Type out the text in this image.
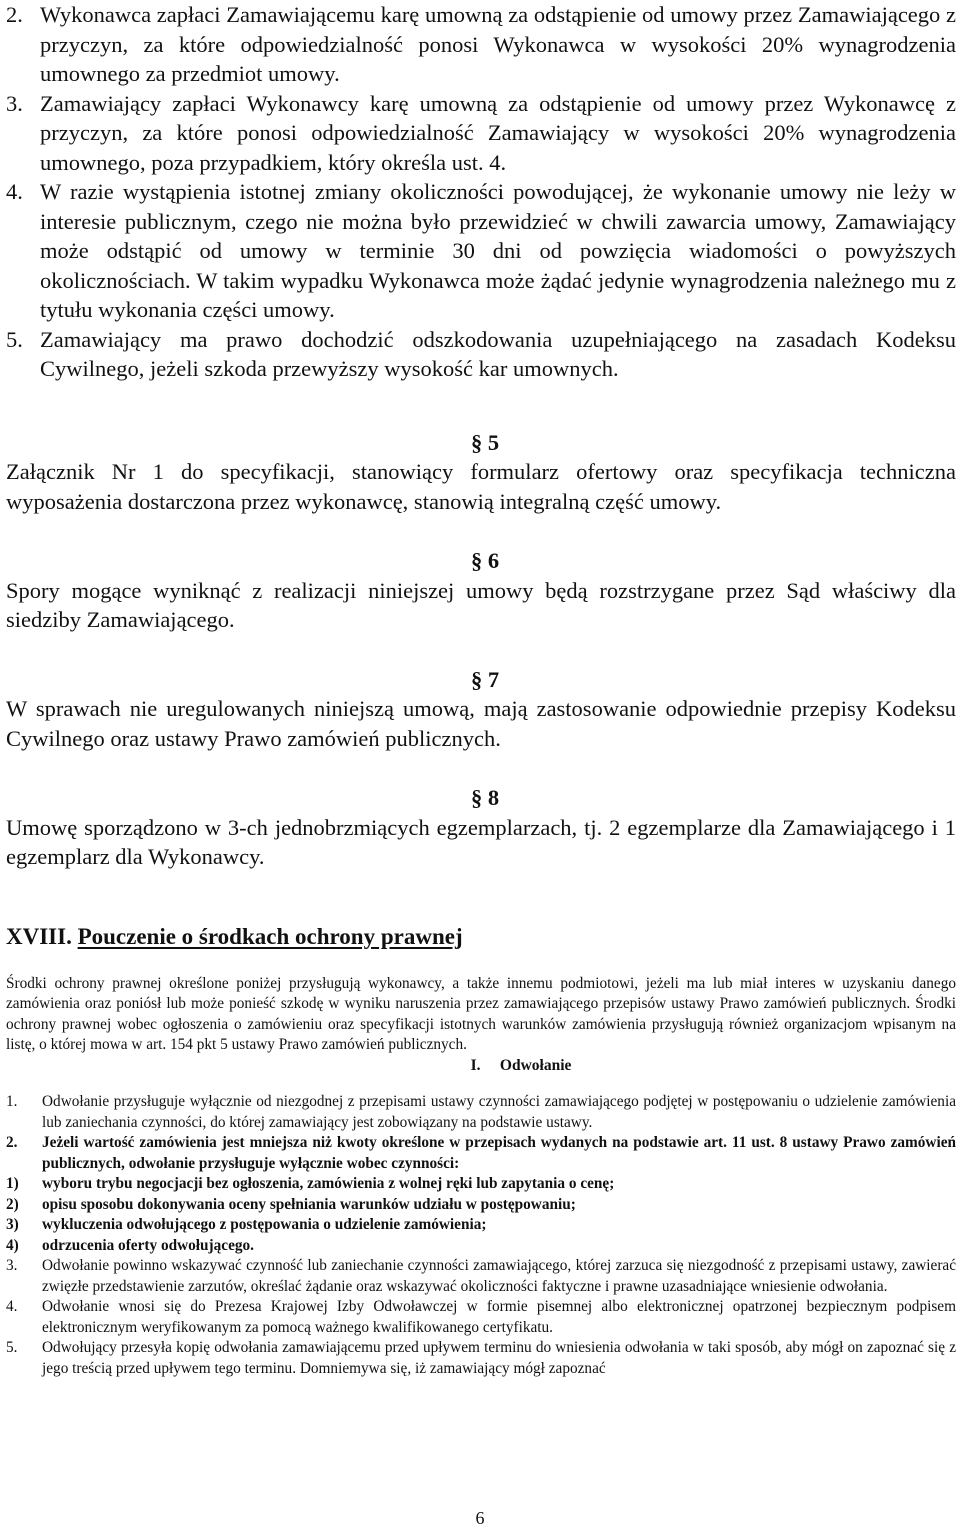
2. Wykonawca zapłaci Zamawiającemu karę umowną za odstąpienie od umowy przez Zamawiającego z przyczyn, za które odpowiedzialność ponosi Wykonawca w wysokości 20% wynagrodzenia umownego za przedmiot umowy.
3. Zamawiający zapłaci Wykonawcy karę umowną za odstąpienie od umowy przez Wykonawcę z przyczyn, za które ponosi odpowiedzialność Zamawiający w wysokości 20% wynagrodzenia umownego, poza przypadkiem, który określa ust. 4.
4. W razie wystąpienia istotnej zmiany okoliczności powodującej, że wykonanie umowy nie leży w interesie publicznym, czego nie można było przewidzieć w chwili zawarcia umowy, Zamawiający może odstąpić od umowy w terminie 30 dni od powzięcia wiadomości o powyższych okolicznościach. W takim wypadku Wykonawca może żądać jedynie wynagrodzenia należnego mu z tytułu wykonania części umowy.
5. Zamawiający ma prawo dochodzić odszkodowania uzupełniającego na zasadach Kodeksu Cywilnego, jeżeli szkoda przewyższy wysokość kar umownych.

§ 5

Załącznik Nr 1 do specyfikacji, stanowiący formularz ofertowy oraz specyfikacja techniczna wyposażenia dostarczona przez wykonawcę, stanowią integralną część umowy.

§ 6

Spory mogące wyniknąć z realizacji niniejszej umowy będą rozstrzygane przez Sąd właściwy dla siedziby Zamawiającego.

§ 7

W sprawach nie uregulowanych niniejszą umową, mają zastosowanie odpowiednie przepisy Kodeksu Cywilnego oraz ustawy Prawo zamówień publicznych.

§ 8

Umowę sporządzono w 3-ch jednobrzmiących egzemplarzach, tj. 2 egzemplarze dla Zamawiającego i 1 egzemplarz dla Wykonawcy.

XVIII. Pouczenie o środkach ochrony prawnej

Środki ochrony prawnej określone poniżej przysługują wykonawcy, a także innemu podmiotowi, jeżeli ma lub miał interes w uzyskaniu danego zamówienia oraz poniósł lub może ponieść szkodę w wyniku naruszenia przez zamawiającego przepisów ustawy Prawo zamówień publicznych. Środki ochrony prawnej wobec ogłoszenia o zamówieniu oraz specyfikacji istotnych warunków zamówienia przysługują również organizacjom wpisanym na listę, o której mowa w art. 154 pkt 5 ustawy Prawo zamówień publicznych.

I. Odwołanie

1.	Odwołanie przysługuje wyłącznie od niezgodnej z przepisami ustawy czynności zamawiającego podjętej w postępowaniu o udzielenie zamówienia lub zaniechania czynności, do której zamawiający jest zobowiązany na podstawie ustawy.
2.	Jeżeli wartość zamówienia jest mniejsza niż kwoty określone w przepisach wydanych na podstawie art. 11 ust. 8 ustawy Prawo zamówień publicznych, odwołanie przysługuje wyłącznie wobec czynności:
1)	wyboru trybu negocjacji bez ogłoszenia, zamówienia z wolnej ręki lub zapytania o cenę;
2)	opisu sposobu dokonywania oceny spełniania warunków udziału w postępowaniu;
3)	wykluczenia odwołującego z postępowania o udzielenie zamówienia;
4)	odrzucenia oferty odwołującego.
3.	Odwołanie powinno wskazywać czynność lub zaniechanie czynności zamawiającego, której zarzuca się niezgodność z przepisami ustawy, zawierać zwięzłe przedstawienie zarzutów, określać żądanie oraz wskazywać okoliczności faktyczne i prawne uzasadniające wniesienie odwołania.
4.	Odwołanie wnosi się do Prezesa Krajowej Izby Odwoławczej w formie pisemnej albo elektronicznej opatrzonej bezpiecznym podpisem elektronicznym weryfikowanym za pomocą ważnego kwalifikowanego certyfikatu.
5.	Odwołujący przesyła kopię odwołania zamawiającemu przed upływem terminu do wniesienia odwołania w taki sposób, aby mógł on zapoznać się z jego treścią przed upływem tego terminu. Domniemywa się, iż zamawiający mógł zapoznać
6
